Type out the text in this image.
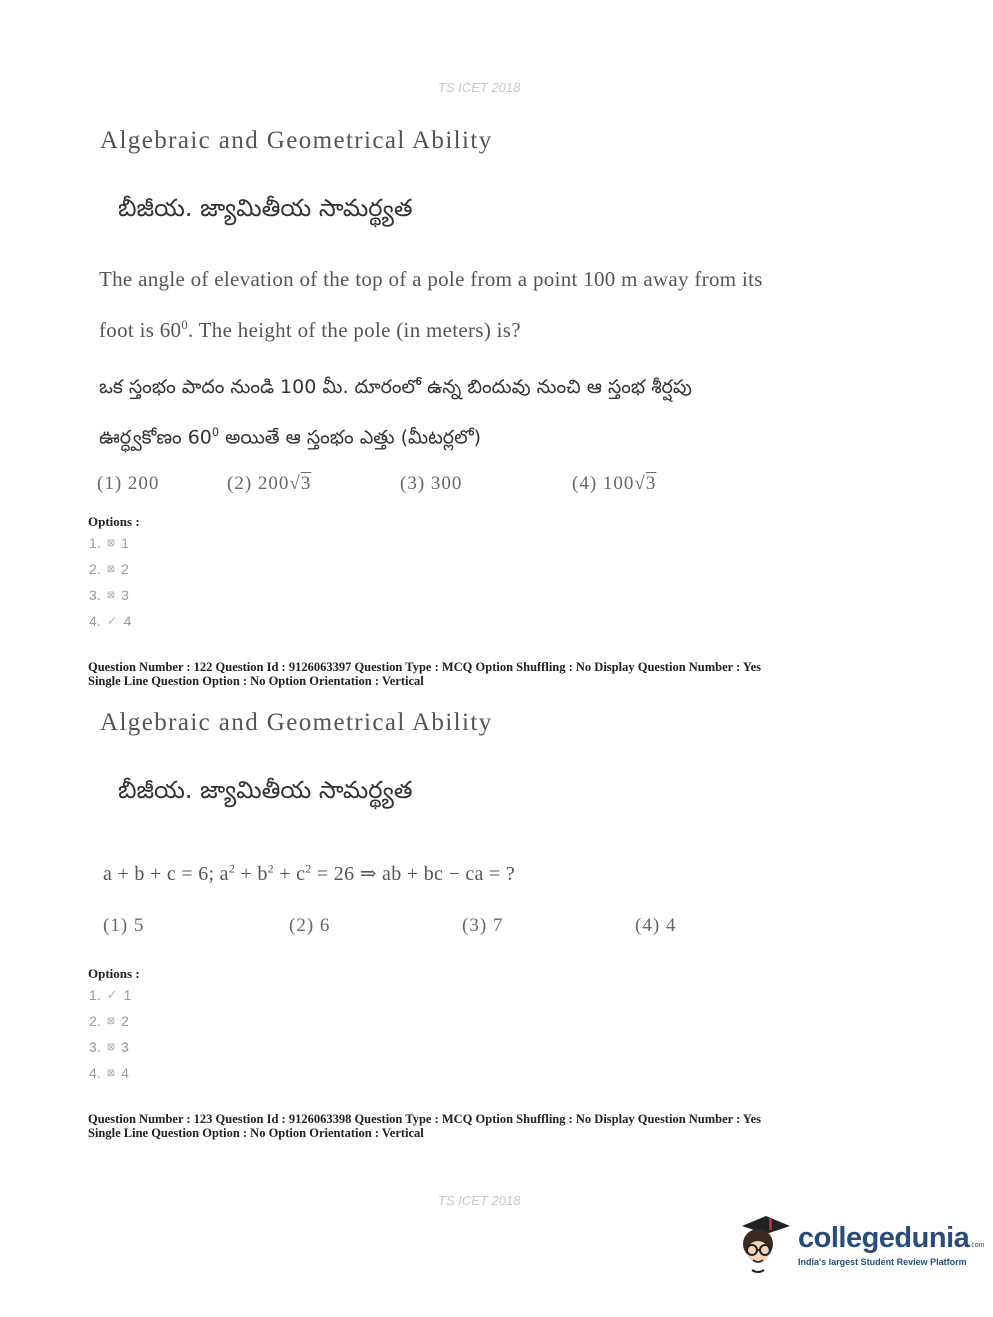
TS ICET 2018
Algebraic and Geometrical Ability
బీజీయ. జ్యామితీయ సామర్థ్యత
The angle of elevation of the top of a pole from a point 100 m away from its
foot is $60^0$. The height of the pole (in meters) is?
ఒక స్తంభం పాదం నుండి 100 మీ. దూరంలో ఉన్న బిందువు నుంచి ఆ స్తంభ శీర్షపు
ఊర్ధ్వకోణం $60^0$ అయితే ఆ స్తంభం ఎత్తు (మీటర్లలో)
(1) 200	(2) 200√3	(3) 300	(4) 100√3
Options :
1. ⊠ 1
2. ⊠ 2
3. ⊠ 3
4. ✓ 4
Question Number : 122 Question Id : 9126063397 Question Type : MCQ Option Shuffling : No Display Question Number : Yes
Single Line Question Option : No Option Orientation : Vertical
Algebraic and Geometrical Ability
బీజీయ. జ్యామితీయ సామర్థ్యత
a + b + c = 6; $a^2 + b^2 + c^2 = 26$ ⇒ ab + bc − ca = ?
(1) 5	(2) 6	(3) 7	(4) 4
Options :
1. ✓ 1
2. ⊠ 2
3. ⊠ 3
4. ⊠ 4
Question Number : 123 Question Id : 9126063398 Question Type : MCQ Option Shuffling : No Display Question Number : Yes
Single Line Question Option : No Option Orientation : Vertical
TS ICET 2018
collegedunia.com
India's largest Student Review Platform
